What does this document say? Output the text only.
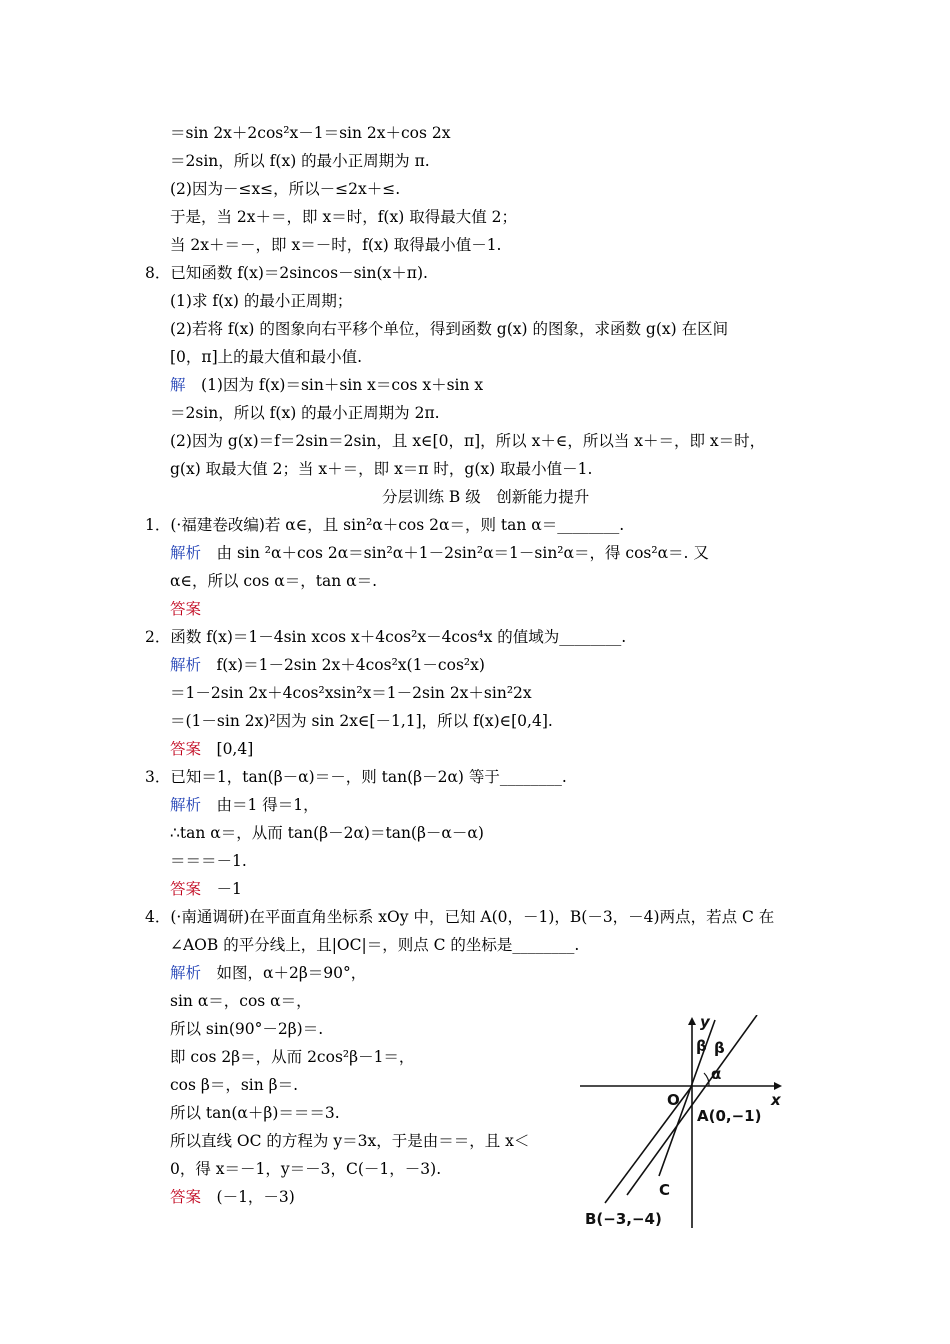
＝sin 2x＋2cos²x－1＝sin 2x＋cos 2x
＝2sin，所以 f(x) 的最小正周期为 π.
(2)因为－≤x≤，所以－≤2x＋≤.
于是，当 2x＋＝，即 x＝时，f(x) 取得最大值 2；
当 2x＋＝－，即 x＝－时，f(x) 取得最小值－1.
8．已知函数 f(x)＝2sincos－sin(x＋π).
(1)求 f(x) 的最小正周期；
(2)若将 f(x) 的图象向右平移个单位，得到函数 g(x) 的图象，求函数 g(x) 在区间
[0，π]上的最大值和最小值.
解　(1)因为 f(x)＝sin＋sin x＝cos x＋sin x
＝2sin，所以 f(x) 的最小正周期为 2π.
(2)因为 g(x)＝f＝2sin＝2sin，且 x∈[0，π]，所以 x＋∈，所以当 x＋＝，即 x＝时，
g(x) 取最大值 2；当 x＋＝，即 x＝π 时，g(x) 取最小值－1.
分层训练 B 级　创新能力提升
1．(·福建卷改编)若 α∈，且 sin²α＋cos 2α＝，则 tan α＝________.
解析　由 sin ²α＋cos 2α＝sin²α＋1－2sin²α＝1－sin²α＝，得 cos²α＝. 又
α∈，所以 cos α＝，tan α＝.
答案
2．函数 f(x)＝1－4sin xcos x＋4cos²x－4cos⁴x 的值域为________.
解析　f(x)＝1－2sin 2x＋4cos²x(1－cos²x)
＝1－2sin 2x＋4cos²xsin²x＝1－2sin 2x＋sin²2x
＝(1－sin 2x)²因为 sin 2x∈[－1,1]，所以 f(x)∈[0,4].
答案　[0,4]
3．已知＝1，tan(β－α)＝－，则 tan(β－2α) 等于________.
解析　由＝1 得＝1，
∴tan α＝，从而 tan(β－2α)＝tan(β－α－α)
＝＝＝－1.
答案　－1
4．(·南通调研)在平面直角坐标系 xOy 中，已知 A(0，－1)，B(－3，－4)两点，若点 C 在
∠AOB 的平分线上，且|OC|＝，则点 C 的坐标是________.
解析　如图，α＋2β＝90°，
sin α＝，cos α＝，
所以 sin(90°－2β)＝.
即 cos 2β＝，从而 2cos²β－1＝，
cos β＝，sin β＝.
所以 tan(α＋β)＝＝＝3.
所以直线 OC 的方程为 y＝3x，于是由＝＝，且 x＜
0，得 x＝－1，y＝－3，C(－1，－3).
答案　(－1，－3)
x
y
O
A(0,−1)
B(−3,−4)
C
α
β β
